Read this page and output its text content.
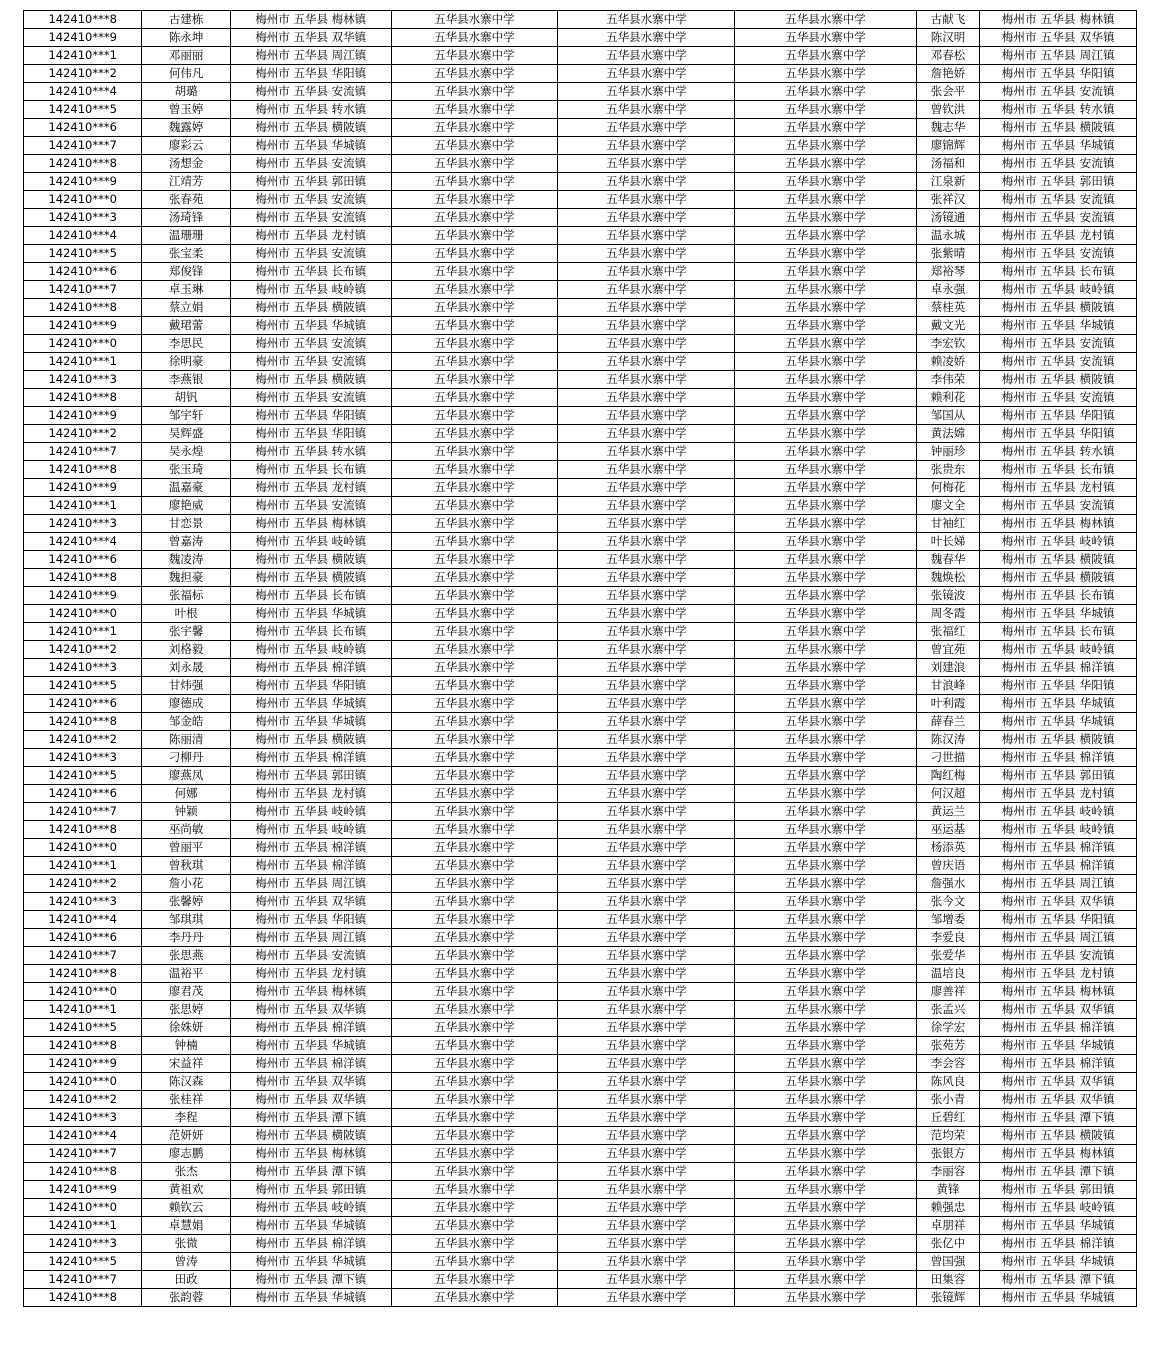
142410***8	古建栋	梅州市 五华县 梅林镇	五华县水寨中学	五华县水寨中学	五华县水寨中学	古献飞	梅州市 五华县 梅林镇
142410***9	陈永坤	梅州市 五华县 双华镇	五华县水寨中学	五华县水寨中学	五华县水寨中学	陈汉明	梅州市 五华县 双华镇
142410***1	邓丽丽	梅州市 五华县 周江镇	五华县水寨中学	五华县水寨中学	五华县水寨中学	邓春松	梅州市 五华县 周江镇
142410***2	何伟凡	梅州市 五华县 华阳镇	五华县水寨中学	五华县水寨中学	五华县水寨中学	詹艳娇	梅州市 五华县 华阳镇
142410***4	胡璐	梅州市 五华县 安流镇	五华县水寨中学	五华县水寨中学	五华县水寨中学	张会平	梅州市 五华县 安流镇
142410***5	曾玉婷	梅州市 五华县 转水镇	五华县水寨中学	五华县水寨中学	五华县水寨中学	曾钦洪	梅州市 五华县 转水镇
142410***6	魏露婷	梅州市 五华县 横陂镇	五华县水寨中学	五华县水寨中学	五华县水寨中学	魏志华	梅州市 五华县 横陂镇
142410***7	廖彩云	梅州市 五华县 华城镇	五华县水寨中学	五华县水寨中学	五华县水寨中学	廖锦辉	梅州市 五华县 华城镇
142410***8	汤想金	梅州市 五华县 安流镇	五华县水寨中学	五华县水寨中学	五华县水寨中学	汤福和	梅州市 五华县 安流镇
142410***9	江靖芳	梅州市 五华县 郭田镇	五华县水寨中学	五华县水寨中学	五华县水寨中学	江泉新	梅州市 五华县 郭田镇
142410***0	张春苑	梅州市 五华县 安流镇	五华县水寨中学	五华县水寨中学	五华县水寨中学	张祥汉	梅州市 五华县 安流镇
142410***3	汤琦锋	梅州市 五华县 安流镇	五华县水寨中学	五华县水寨中学	五华县水寨中学	汤镜通	梅州市 五华县 安流镇
142410***4	温珊珊	梅州市 五华县 龙村镇	五华县水寨中学	五华县水寨中学	五华县水寨中学	温永城	梅州市 五华县 龙村镇
142410***5	张宝柔	梅州市 五华县 安流镇	五华县水寨中学	五华县水寨中学	五华县水寨中学	张紫晴	梅州市 五华县 安流镇
142410***6	郑俊锋	梅州市 五华县 长布镇	五华县水寨中学	五华县水寨中学	五华县水寨中学	郑裕琴	梅州市 五华县 长布镇
142410***7	卓玉琳	梅州市 五华县 岐岭镇	五华县水寨中学	五华县水寨中学	五华县水寨中学	卓永强	梅州市 五华县 岐岭镇
142410***8	蔡立娟	梅州市 五华县 横陂镇	五华县水寨中学	五华县水寨中学	五华县水寨中学	蔡桂英	梅州市 五华县 横陂镇
142410***9	戴珺蕾	梅州市 五华县 华城镇	五华县水寨中学	五华县水寨中学	五华县水寨中学	戴文光	梅州市 五华县 华城镇
142410***0	李思民	梅州市 五华县 安流镇	五华县水寨中学	五华县水寨中学	五华县水寨中学	李宏钦	梅州市 五华县 安流镇
142410***1	徐明豪	梅州市 五华县 安流镇	五华县水寨中学	五华县水寨中学	五华县水寨中学	赖凌娇	梅州市 五华县 安流镇
142410***3	李燕银	梅州市 五华县 横陂镇	五华县水寨中学	五华县水寨中学	五华县水寨中学	李伟荣	梅州市 五华县 横陂镇
142410***8	胡钒	梅州市 五华县 安流镇	五华县水寨中学	五华县水寨中学	五华县水寨中学	赖利花	梅州市 五华县 安流镇
142410***9	邹宇轩	梅州市 五华县 华阳镇	五华县水寨中学	五华县水寨中学	五华县水寨中学	邹国从	梅州市 五华县 华阳镇
142410***2	吴辉盛	梅州市 五华县 华阳镇	五华县水寨中学	五华县水寨中学	五华县水寨中学	黄法嫦	梅州市 五华县 华阳镇
142410***7	吴永煌	梅州市 五华县 转水镇	五华县水寨中学	五华县水寨中学	五华县水寨中学	钟丽珍	梅州市 五华县 转水镇
142410***8	张玉琦	梅州市 五华县 长布镇	五华县水寨中学	五华县水寨中学	五华县水寨中学	张贵东	梅州市 五华县 长布镇
142410***9	温嘉豪	梅州市 五华县 龙村镇	五华县水寨中学	五华县水寨中学	五华县水寨中学	何梅花	梅州市 五华县 龙村镇
142410***1	廖艳威	梅州市 五华县 安流镇	五华县水寨中学	五华县水寨中学	五华县水寨中学	廖文全	梅州市 五华县 安流镇
142410***3	甘恋景	梅州市 五华县 梅林镇	五华县水寨中学	五华县水寨中学	五华县水寨中学	甘袖红	梅州市 五华县 梅林镇
142410***4	曾嘉涛	梅州市 五华县 岐岭镇	五华县水寨中学	五华县水寨中学	五华县水寨中学	叶长娣	梅州市 五华县 岐岭镇
142410***6	魏凌涛	梅州市 五华县 横陂镇	五华县水寨中学	五华县水寨中学	五华县水寨中学	魏春华	梅州市 五华县 横陂镇
142410***8	魏担豪	梅州市 五华县 横陂镇	五华县水寨中学	五华县水寨中学	五华县水寨中学	魏焕松	梅州市 五华县 横陂镇
142410***9	张福标	梅州市 五华县 长布镇	五华县水寨中学	五华县水寨中学	五华县水寨中学	张镜波	梅州市 五华县 长布镇
142410***0	叶根	梅州市 五华县 华城镇	五华县水寨中学	五华县水寨中学	五华县水寨中学	周冬霞	梅州市 五华县 华城镇
142410***1	张宇馨	梅州市 五华县 长布镇	五华县水寨中学	五华县水寨中学	五华县水寨中学	张福红	梅州市 五华县 长布镇
142410***2	刘格毅	梅州市 五华县 岐岭镇	五华县水寨中学	五华县水寨中学	五华县水寨中学	曾宜苑	梅州市 五华县 岐岭镇
142410***3	刘永晟	梅州市 五华县 棉洋镇	五华县水寨中学	五华县水寨中学	五华县水寨中学	刘建浪	梅州市 五华县 棉洋镇
142410***5	甘炜强	梅州市 五华县 华阳镇	五华县水寨中学	五华县水寨中学	五华县水寨中学	甘浪峰	梅州市 五华县 华阳镇
142410***6	廖德成	梅州市 五华县 华城镇	五华县水寨中学	五华县水寨中学	五华县水寨中学	叶利霞	梅州市 五华县 华城镇
142410***8	邹金皓	梅州市 五华县 华城镇	五华县水寨中学	五华县水寨中学	五华县水寨中学	薛春兰	梅州市 五华县 华城镇
142410***2	陈丽清	梅州市 五华县 横陂镇	五华县水寨中学	五华县水寨中学	五华县水寨中学	陈汉涛	梅州市 五华县 横陂镇
142410***3	刁柳丹	梅州市 五华县 棉洋镇	五华县水寨中学	五华县水寨中学	五华县水寨中学	刁世描	梅州市 五华县 棉洋镇
142410***5	廖燕凤	梅州市 五华县 郭田镇	五华县水寨中学	五华县水寨中学	五华县水寨中学	陶红梅	梅州市 五华县 郭田镇
142410***6	何娜	梅州市 五华县 龙村镇	五华县水寨中学	五华县水寨中学	五华县水寨中学	何汉超	梅州市 五华县 龙村镇
142410***7	钟颖	梅州市 五华县 岐岭镇	五华县水寨中学	五华县水寨中学	五华县水寨中学	黄运兰	梅州市 五华县 岐岭镇
142410***8	巫尚敏	梅州市 五华县 岐岭镇	五华县水寨中学	五华县水寨中学	五华县水寨中学	巫运基	梅州市 五华县 岐岭镇
142410***0	曾丽平	梅州市 五华县 棉洋镇	五华县水寨中学	五华县水寨中学	五华县水寨中学	杨添英	梅州市 五华县 棉洋镇
142410***1	曾秋琪	梅州市 五华县 棉洋镇	五华县水寨中学	五华县水寨中学	五华县水寨中学	曾庆语	梅州市 五华县 棉洋镇
142410***2	詹小花	梅州市 五华县 周江镇	五华县水寨中学	五华县水寨中学	五华县水寨中学	詹强水	梅州市 五华县 周江镇
142410***3	张馨婷	梅州市 五华县 双华镇	五华县水寨中学	五华县水寨中学	五华县水寨中学	张今文	梅州市 五华县 双华镇
142410***4	邹琪琪	梅州市 五华县 华阳镇	五华县水寨中学	五华县水寨中学	五华县水寨中学	邹增委	梅州市 五华县 华阳镇
142410***6	李丹丹	梅州市 五华县 周江镇	五华县水寨中学	五华县水寨中学	五华县水寨中学	李爱良	梅州市 五华县 周江镇
142410***7	张思燕	梅州市 五华县 安流镇	五华县水寨中学	五华县水寨中学	五华县水寨中学	张爱华	梅州市 五华县 安流镇
142410***8	温裕平	梅州市 五华县 龙村镇	五华县水寨中学	五华县水寨中学	五华县水寨中学	温培良	梅州市 五华县 龙村镇
142410***0	廖君茂	梅州市 五华县 梅林镇	五华县水寨中学	五华县水寨中学	五华县水寨中学	廖善祥	梅州市 五华县 梅林镇
142410***1	张思婷	梅州市 五华县 双华镇	五华县水寨中学	五华县水寨中学	五华县水寨中学	张孟兴	梅州市 五华县 双华镇
142410***5	徐姝妍	梅州市 五华县 棉洋镇	五华县水寨中学	五华县水寨中学	五华县水寨中学	徐学宏	梅州市 五华县 棉洋镇
142410***8	钟楠	梅州市 五华县 华城镇	五华县水寨中学	五华县水寨中学	五华县水寨中学	张苑芳	梅州市 五华县 华城镇
142410***9	宋益祥	梅州市 五华县 棉洋镇	五华县水寨中学	五华县水寨中学	五华县水寨中学	李会容	梅州市 五华县 棉洋镇
142410***0	陈汉森	梅州市 五华县 双华镇	五华县水寨中学	五华县水寨中学	五华县水寨中学	陈风良	梅州市 五华县 双华镇
142410***2	张桂祥	梅州市 五华县 双华镇	五华县水寨中学	五华县水寨中学	五华县水寨中学	张小青	梅州市 五华县 双华镇
142410***3	李程	梅州市 五华县 潭下镇	五华县水寨中学	五华县水寨中学	五华县水寨中学	丘碧红	梅州市 五华县 潭下镇
142410***4	范妍妍	梅州市 五华县 横陂镇	五华县水寨中学	五华县水寨中学	五华县水寨中学	范均荣	梅州市 五华县 横陂镇
142410***7	廖志鹏	梅州市 五华县 梅林镇	五华县水寨中学	五华县水寨中学	五华县水寨中学	张银方	梅州市 五华县 梅林镇
142410***8	张杰	梅州市 五华县 潭下镇	五华县水寨中学	五华县水寨中学	五华县水寨中学	李丽容	梅州市 五华县 潭下镇
142410***9	黄祖欢	梅州市 五华县 郭田镇	五华县水寨中学	五华县水寨中学	五华县水寨中学	黄锋	梅州市 五华县 郭田镇
142410***0	赖钦云	梅州市 五华县 岐岭镇	五华县水寨中学	五华县水寨中学	五华县水寨中学	赖强忠	梅州市 五华县 岐岭镇
142410***1	卓慧娟	梅州市 五华县 华城镇	五华县水寨中学	五华县水寨中学	五华县水寨中学	卓朋祥	梅州市 五华县 华城镇
142410***3	张微	梅州市 五华县 棉洋镇	五华县水寨中学	五华县水寨中学	五华县水寨中学	张亿中	梅州市 五华县 棉洋镇
142410***5	曾涛	梅州市 五华县 华城镇	五华县水寨中学	五华县水寨中学	五华县水寨中学	曾国强	梅州市 五华县 华城镇
142410***7	田政	梅州市 五华县 潭下镇	五华县水寨中学	五华县水寨中学	五华县水寨中学	田集容	梅州市 五华县 潭下镇
142410***8	张韵蓉	梅州市 五华县 华城镇	五华县水寨中学	五华县水寨中学	五华县水寨中学	张镜辉	梅州市 五华县 华城镇
